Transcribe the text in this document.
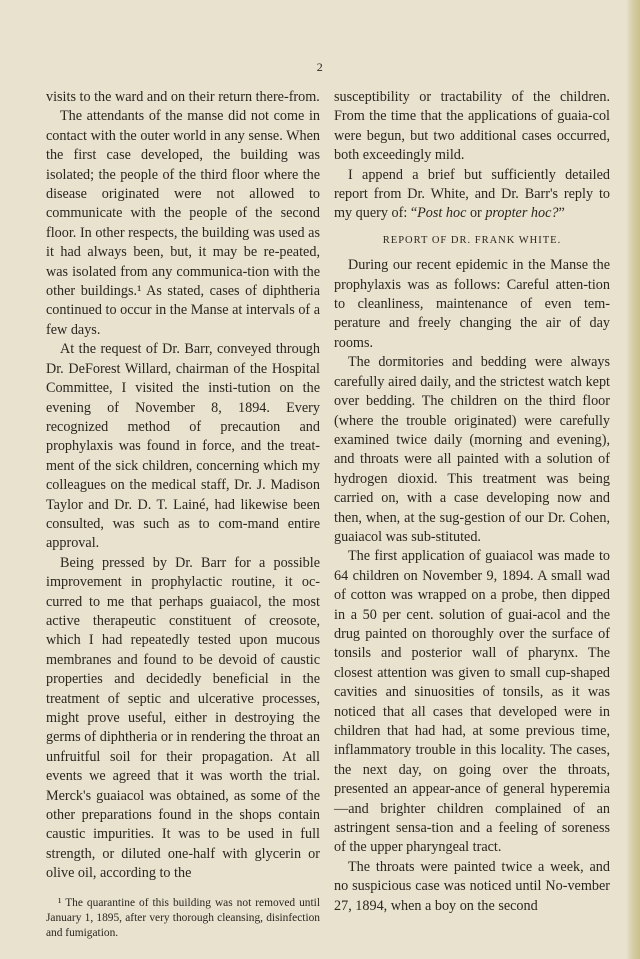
2

visits to the ward and on their return there-from.

The attendants of the manse did not come in contact with the outer world in any sense. When the first case developed, the building was isolated; the people of the third floor where the disease originated were not allowed to communicate with the people of the second floor. In other respects, the building was used as it had always been, but, it may be re-peated, was isolated from any communica-tion with the other buildings.¹ As stated, cases of diphtheria continued to occur in the Manse at intervals of a few days.

At the request of Dr. Barr, conveyed through Dr. DeForest Willard, chairman of the Hospital Committee, I visited the insti-tution on the evening of November 8, 1894. Every recognized method of precaution and prophylaxis was found in force, and the treat-ment of the sick children, concerning which my colleagues on the medical staff, Dr. J. Madison Taylor and Dr. D. T. Lainé, had likewise been consulted, was such as to com-mand entire approval.

Being pressed by Dr. Barr for a possible improvement in prophylactic routine, it oc-curred to me that perhaps guaiacol, the most active therapeutic constituent of creosote, which I had repeatedly tested upon mucous membranes and found to be devoid of caustic properties and decidedly beneficial in the treatment of septic and ulcerative processes, might prove useful, either in destroying the germs of diphtheria or in rendering the throat an unfruitful soil for their propagation. At all events we agreed that it was worth the trial. Merck's guaiacol was obtained, as some of the other preparations found in the shops contain caustic impurities. It was to be used in full strength, or diluted one-half with glycerin or olive oil, according to the

¹ The quarantine of this building was not removed until January 1, 1895, after very thorough cleansing, disinfection and fumigation.

susceptibility or tractability of the children. From the time that the applications of guaia-col were begun, but two additional cases occurred, both exceedingly mild.

I append a brief but sufficiently detailed report from Dr. White, and Dr. Barr's reply to my query of: “Post hoc or propter hoc?”

REPORT OF DR. FRANK WHITE.

During our recent epidemic in the Manse the prophylaxis was as follows: Careful atten-tion to cleanliness, maintenance of even tem-perature and freely changing the air of day rooms.

The dormitories and bedding were always carefully aired daily, and the strictest watch kept over bedding. The children on the third floor (where the trouble originated) were carefully examined twice daily (morning and evening), and throats were all painted with a solution of hydrogen dioxid. This treatment was being carried on, with a case developing now and then, when, at the sug-gestion of our Dr. Cohen, guaiacol was sub-stituted.

The first application of guaiacol was made to 64 children on November 9, 1894. A small wad of cotton was wrapped on a probe, then dipped in a 50 per cent. solution of guai-acol and the drug painted on thoroughly over the surface of tonsils and posterior wall of pharynx. The closest attention was given to small cup-shaped cavities and sinuosities of tonsils, as it was noticed that all cases that developed were in children that had had, at some previous time, inflammatory trouble in this locality. The cases, the next day, on going over the throats, presented an appear-ance of general hyperemia—and brighter children complained of an astringent sensa-tion and a feeling of soreness of the upper pharyngeal tract.

The throats were painted twice a week, and no suspicious case was noticed until No-vember 27, 1894, when a boy on the second
